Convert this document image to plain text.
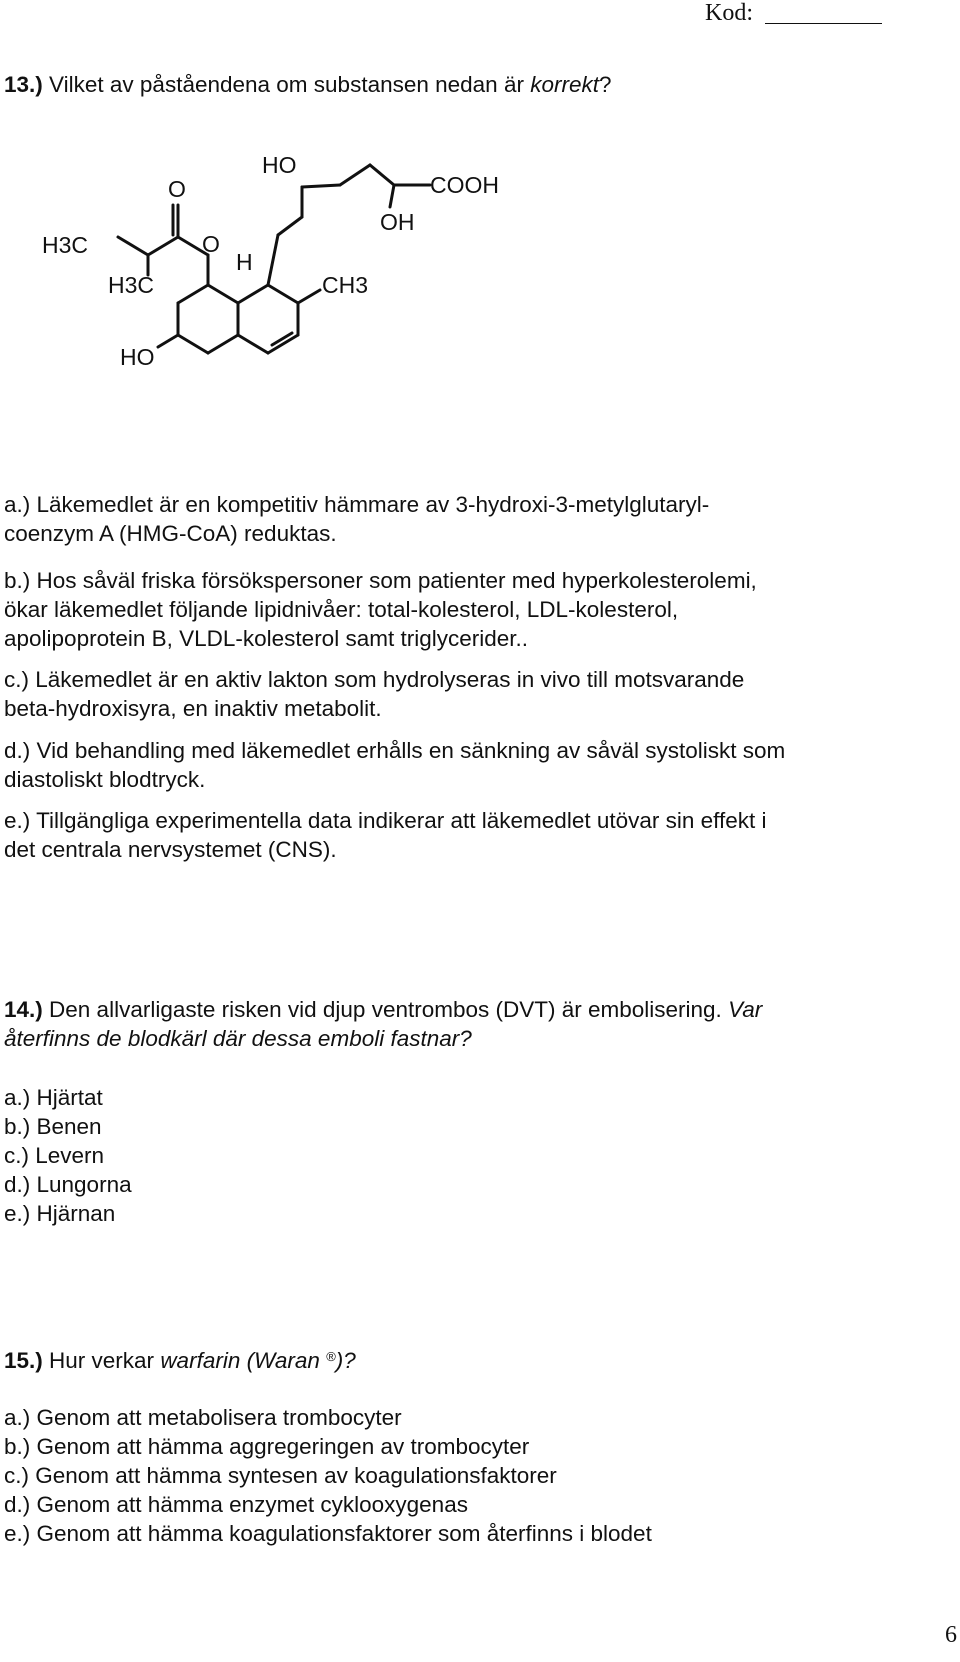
Kod:
13.) Vilket av påståendena om substansen nedan är korrekt?
HO
COOH
OH
O
O
H3C
H3C
H
CH3
HO
a.) Läkemedlet är en kompetitiv hämmare av 3-hydroxi-3-metylglutaryl-
coenzym A (HMG-CoA) reduktas.
b.) Hos såväl friska försökspersoner som patienter med hyperkolesterolemi,
ökar läkemedlet följande lipidnivåer: total-kolesterol, LDL-kolesterol,
apolipoprotein B, VLDL-kolesterol samt triglycerider..
c.) Läkemedlet är en aktiv lakton som hydrolyseras in vivo till motsvarande
beta-hydroxisyra, en inaktiv metabolit.
d.) Vid behandling med läkemedlet erhålls en sänkning av såväl systoliskt som
diastoliskt blodtryck.
e.) Tillgängliga experimentella data indikerar att läkemedlet utövar sin effekt i
det centrala nervsystemet (CNS).
14.) Den allvarligaste risken vid djup ventrombos (DVT) är embolisering. Var
återfinns de blodkärl där dessa emboli fastnar?
a.) Hjärtat
b.) Benen
c.) Levern
d.) Lungorna
e.) Hjärnan
15.) Hur verkar warfarin (Waran ®)?
a.) Genom att metabolisera trombocyter
b.) Genom att hämma aggregeringen av trombocyter
c.) Genom att hämma syntesen av koagulationsfaktorer
d.) Genom att hämma enzymet cyklooxygenas
e.) Genom att hämma koagulationsfaktorer som återfinns i blodet
6
